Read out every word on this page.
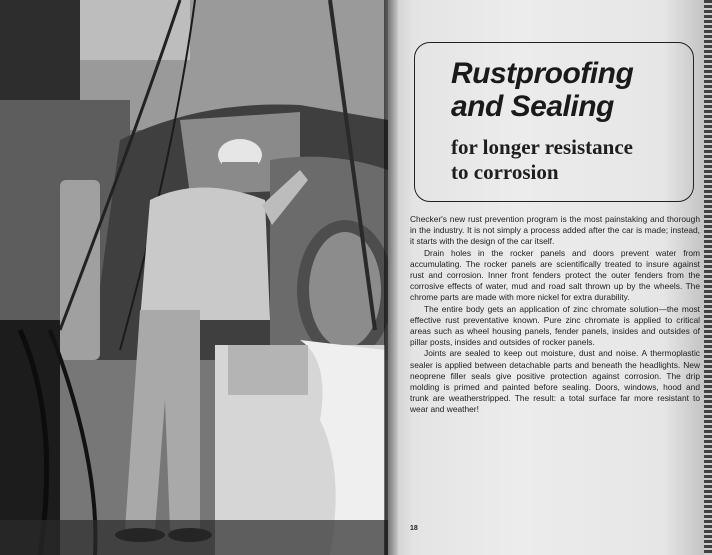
Rustproofing
and Sealing
for longer resistance
to corrosion

Checker's new rust prevention program is the most painstaking and thorough in the industry. It is not simply a process added after the car is made; instead, it starts with the design of the car itself.

Drain holes in the rocker panels and doors prevent water from accumulating. The rocker panels are scientifically treated to insure against rust and corrosion. Inner front fenders protect the outer fenders from the corrosive effects of water, mud and road salt thrown up by the wheels. The chrome parts are made with more nickel for extra durability.

The entire body gets an application of zinc chromate solution—the most effective rust preventative known. Pure zinc chromate is applied to critical areas such as wheel housing panels, fender panels, insides and outsides of pillar posts, insides and outsides of rocker panels.

Joints are sealed to keep out moisture, dust and noise. A thermoplastic sealer is applied between detachable parts and beneath the headlights. New neoprene filler seals give positive protection against corrosion. The drip molding is primed and painted before sealing. Doors, windows, hood and trunk are weatherstripped. The result: a total surface far more resistant to wear and weather!

18
